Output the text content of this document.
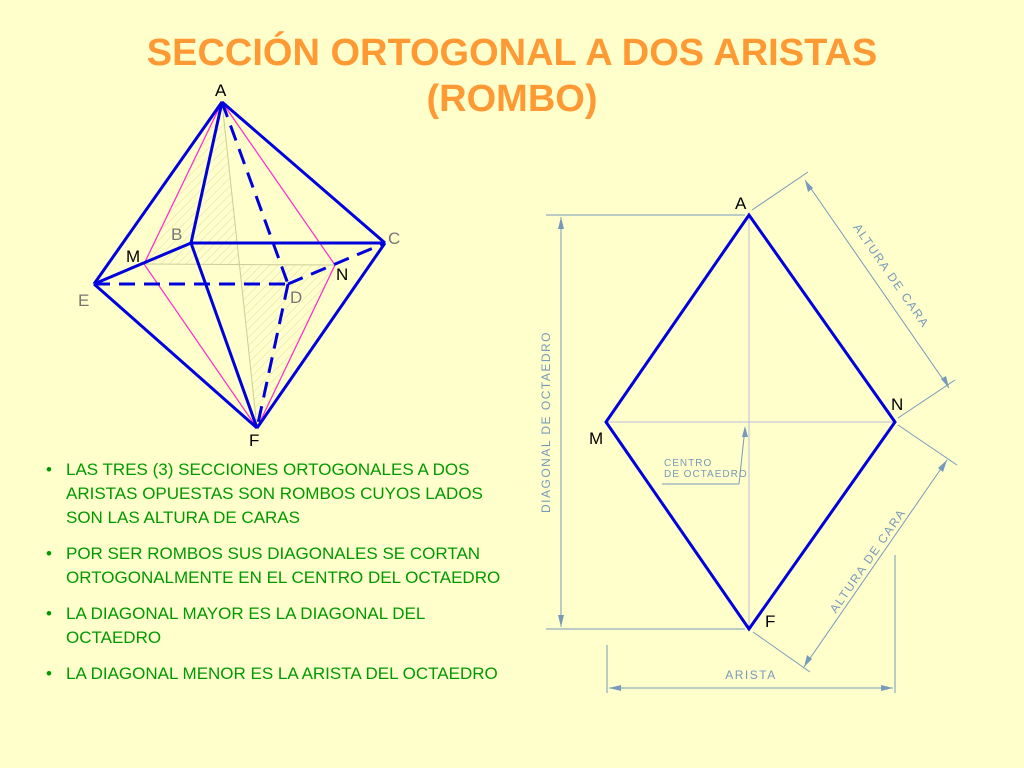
SECCIÓN ORTOGONAL A DOS ARISTAS
(ROMBO)
A
B	C
D
E
F
M
N
A
N
M
F
DIAGONAL DE OCTAEDRO
ALTURA DE CARA
ALTURA DE CARA
ARISTA
CENTRO
DE OCTAEDRO
• LAS TRES (3) SECCIONES ORTOGONALES A DOS ARISTAS OPUESTAS SON ROMBOS CUYOS LADOS SON LAS ALTURA DE CARAS
• POR SER ROMBOS SUS DIAGONALES SE CORTAN ORTOGONALMENTE EN EL CENTRO DEL OCTAEDRO
• LA DIAGONAL MAYOR ES LA DIAGONAL DEL OCTAEDRO
• LA DIAGONAL MENOR ES LA ARISTA DEL OCTAEDRO
